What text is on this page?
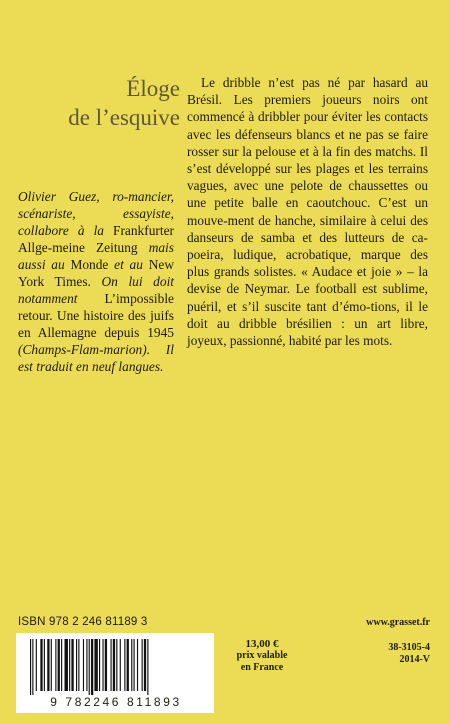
Éloge
de l’esquive
Olivier Guez, ro-mancier, scénariste, essayiste, collabore à la Frankfurter Allge-meine Zeitung mais aussi au Monde et au New York Times. On lui doit notamment L’impossible retour. Une histoire des juifs en Allemagne depuis 1945 (Champs-Flam-marion). Il est traduit en neuf langues.

Le dribble n’est pas né par hasard au Brésil. Les premiers joueurs noirs ont commencé à dribbler pour éviter les contacts avec les défenseurs blancs et ne pas se faire rosser sur la pelouse et à la fin des matchs. Il s’est développé sur les plages et les terrains vagues, avec une pelote de chaussettes ou une petite balle en caoutchouc. C’est un mouve-ment de hanche, similaire à celui des danseurs de samba et des lutteurs de ca-poeira, ludique, acrobatique, marque des plus grands solistes. « Audace et joie » – la devise de Neymar. Le football est sublime, puéril, et s’il suscite tant d’émo-tions, il le doit au dribble brésilien : un art libre, joyeux, passionné, habité par les mots.

ISBN 978 2 246 81189 3
9 782246 811893
13,00 €
prix valable
en France
www.grasset.fr
38-3105-4
2014-V
